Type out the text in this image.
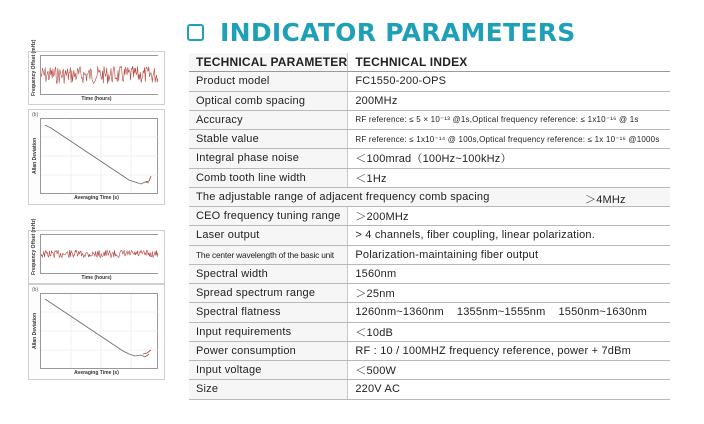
INDICATOR PARAMETERS
Frequency Offset (mHz)
Time (hours)
(b)
Allan Deviation
Averaging Time (s)
Frequency Offset (mHz)
Time (hours)
(b)
Allan Deviation
Averaging Time (s)
TECHNICAL PARAMETER	TECHNICAL INDEX
Product model	FC1550-200-OPS
Optical comb spacing	200MHz
Accuracy	RF reference: ≤ 5 × 10⁻¹³ @1s,Optical frequency reference: ≤ 1x10⁻¹⁶ @ 1s
Stable value	RF reference: ≤ 1x10⁻¹⁴ @ 100s,Optical frequency reference: ≤ 1x 10⁻¹⁶ @1000s
Integral phase noise	＜100mrad（100Hz~100kHz）
Comb tooth line width	＜1Hz
The adjustable range of adjacent frequency comb spacing ＞4MHz	

CEO frequency tuning range	＞200MHz
Laser output	> 4 channels, fiber coupling, linear polarization.
The center wavelength of the basic unit	Polarization-maintaining fiber output
Spectral width	1560nm
Spread spectrum range	＞25nm
Spectral flatness	1260nm~1360nm    1355nm~1555nm    1550nm~1630nm
Input requirements	＜10dB
Power consumption	RF : 10 / 100MHZ frequency reference, power + 7dBm
Input voltage	＜500W
Size	220V AC
